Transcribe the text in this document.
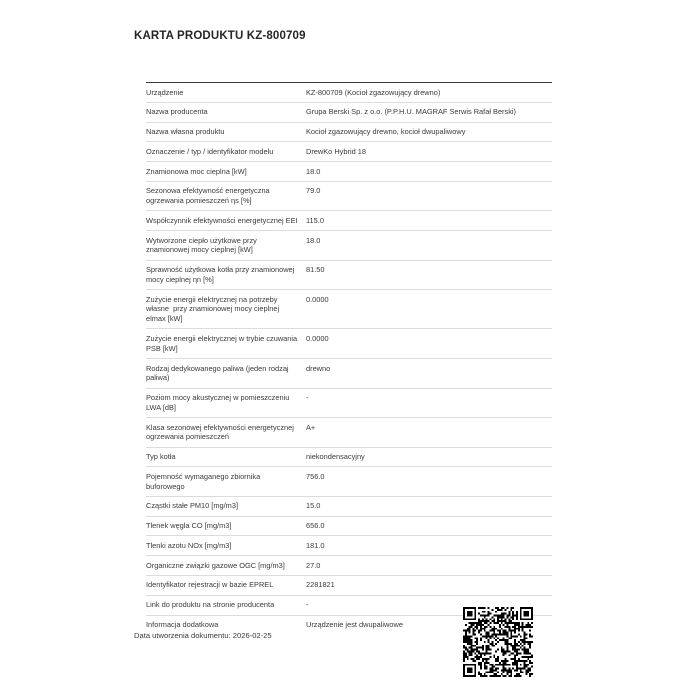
KARTA PRODUKTU KZ-800709
Urządzenie	KZ-800709 (Kocioł zgazowujący drewno)
Nazwa producenta	Grupa Berski Sp. z o.o. (P.P.H.U. MAGRAF Serwis Rafał Berski)
Nazwa własna produktu	Kocioł zgazowujący drewno, kocioł dwupaliwowy
Oznaczenie / typ / identyfikator modelu	DrewKo Hybrid 18
Znamionowa moc cieplna [kW]	18.0
Sezonowa efektywność energetyczna ogrzewania pomieszczeń ηs [%]	79.0
Współczynnik efektywności energetycznej EEI	115.0
Wytworzone ciepło użytkowe przy znamionowej mocy cieplnej [kW]	18.0
Sprawność użytkowa kotła przy znamionowej mocy cieplnej ηn [%]	81.50
Zużycie energii elektrycznej na potrzeby własne  przy znamionowej mocy cieplnej elmax [kW]	0.0000
Zużycie energii elektrycznej w trybie czuwania PSB [kW]	0.0000
Rodzaj dedykowanego paliwa (jeden rodzaj paliwa)	drewno
Poziom mocy akustycznej w pomieszczeniu LWA [dB]	-
Klasa sezonowej efektywności energetycznej ogrzewania pomieszczeń	A+
Typ kotła	niekondensacyjny
Pojemność wymaganego zbiornika buforowego	756.0
Cząstki stałe PM10 [mg/m3]	15.0
Tlenek węgla CO [mg/m3]	656.0
Tlenki azotu NOx [mg/m3]	181.0
Organiczne związki gazowe OGC [mg/m3]	27.0
Identyfikator rejestracji w bazie EPREL	2281821
Link do produktu na stronie producenta	-
Informacja dodatkowa	Urządzenie jest dwupaliwowe
Data utworzenia dokumentu: 2026-02-25
